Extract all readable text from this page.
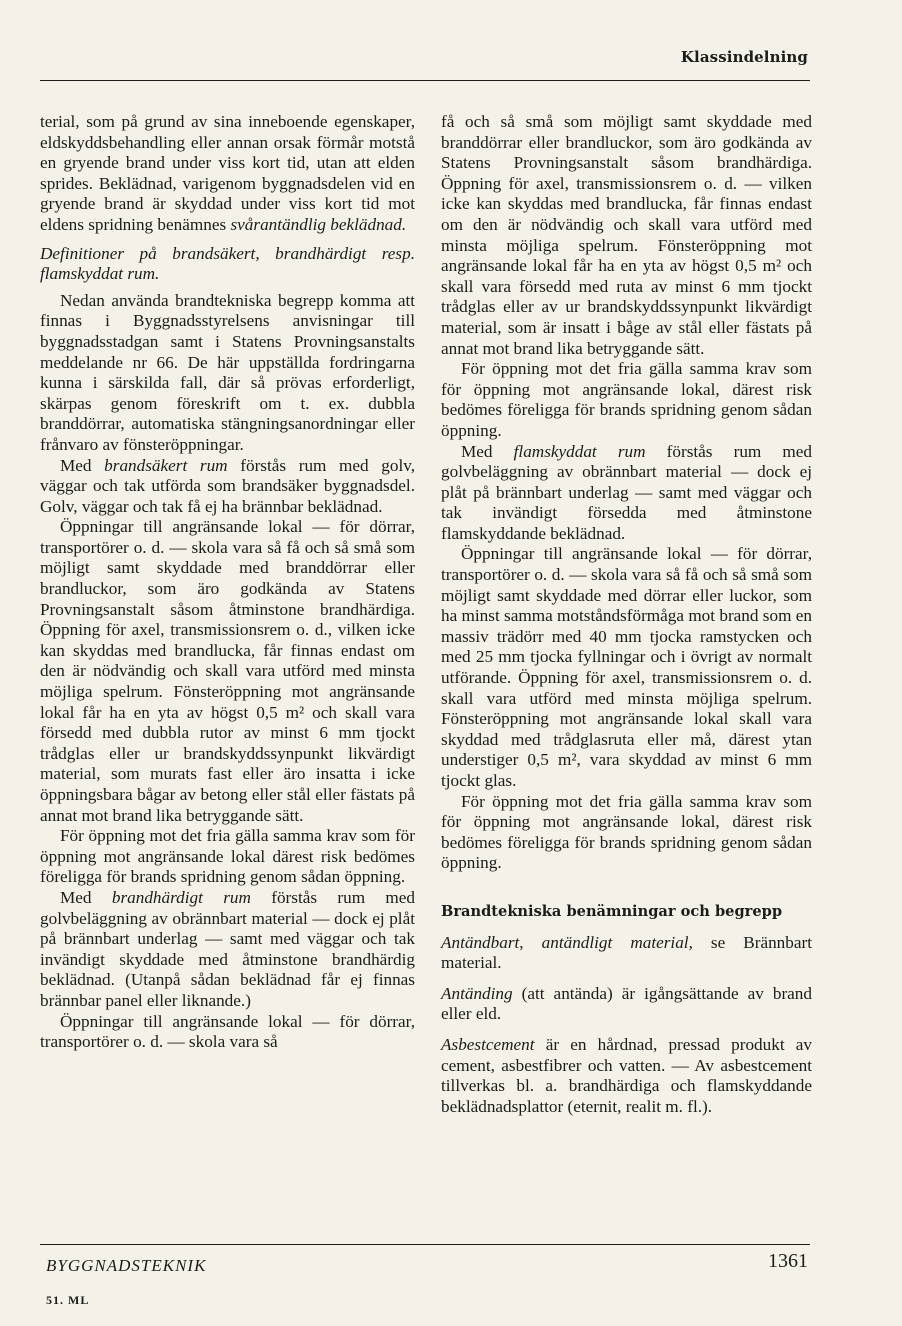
Klassindelning

terial, som på grund av sina inneboende egenskaper, eldskyddsbehandling eller annan orsak förmår motstå en gryende brand under viss kort tid, utan att elden sprides. Beklädnad, varigenom byggnadsdelen vid en gryende brand är skyddad under viss kort tid mot eldens spridning benämnes svårantändlig beklädnad.

Definitioner på brandsäkert, brandhärdigt resp. flamskyddat rum.

Nedan använda brandtekniska begrepp komma att finnas i Byggnadsstyrelsens anvisningar till byggnadsstadgan samt i Statens Provningsanstalts meddelande nr 66. De här uppställda fordringarna kunna i särskilda fall, där så prövas erforderligt, skärpas genom föreskrift om t. ex. dubbla branddörrar, automatiska stängningsanordningar eller frånvaro av fönsteröppningar.

Med brandsäkert rum förstås rum med golv, väggar och tak utförda som brandsäker byggnadsdel. Golv, väggar och tak få ej ha brännbar beklädnad.

Öppningar till angränsande lokal — för dörrar, transportörer o. d. — skola vara så få och så små som möjligt samt skyddade med branddörrar eller brandluckor, som äro godkända av Statens Provningsanstalt såsom åtminstone brandhärdiga. Öppning för axel, transmissionsrem o. d., vilken icke kan skyddas med brandlucka, får finnas endast om den är nödvändig och skall vara utförd med minsta möjliga spelrum. Fönsteröppning mot angränsande lokal får ha en yta av högst 0,5 m² och skall vara försedd med dubbla rutor av minst 6 mm tjockt trådglas eller ur brandskyddssynpunkt likvärdigt material, som murats fast eller äro insatta i icke öppningsbara bågar av betong eller stål eller fästats på annat mot brand lika betryggande sätt.

För öppning mot det fria gälla samma krav som för öppning mot angränsande lokal därest risk bedömes föreligga för brands spridning genom sådan öppning.

Med brandhärdigt rum förstås rum med golvbeläggning av obrännbart material — dock ej plåt på brännbart underlag — samt med väggar och tak invändigt skyddade med åtminstone brandhärdig beklädnad. (Utanpå sådan beklädnad får ej finnas brännbar panel eller liknande.)

Öppningar till angränsande lokal — för dörrar, transportörer o. d. — skola vara så

få och så små som möjligt samt skyddade med branddörrar eller brandluckor, som äro godkända av Statens Provningsanstalt såsom brandhärdiga. Öppning för axel, transmissionsrem o. d. — vilken icke kan skyddas med brandlucka, får finnas endast om den är nödvändig och skall vara utförd med minsta möjliga spelrum. Fönsteröppning mot angränsande lokal får ha en yta av högst 0,5 m² och skall vara försedd med ruta av minst 6 mm tjockt trådglas eller av ur brandskyddssynpunkt likvärdigt material, som är insatt i båge av stål eller fästats på annat mot brand lika betryggande sätt.

För öppning mot det fria gälla samma krav som för öppning mot angränsande lokal, därest risk bedömes föreligga för brands spridning genom sådan öppning.

Med flamskyddat rum förstås rum med golvbeläggning av obrännbart material — dock ej plåt på brännbart underlag — samt med väggar och tak invändigt försedda med åtminstone flamskyddande beklädnad.

Öppningar till angränsande lokal — för dörrar, transportörer o. d. — skola vara så få och så små som möjligt samt skyddade med dörrar eller luckor, som ha minst samma motståndsförmåga mot brand som en massiv trädörr med 40 mm tjocka ramstycken och med 25 mm tjocka fyllningar och i övrigt av normalt utförande. Öppning för axel, transmissionsrem o. d. skall vara utförd med minsta möjliga spelrum. Fönsteröppning mot angränsande lokal skall vara skyddad med trådglasruta eller må, därest ytan understiger 0,5 m², vara skyddad av minst 6 mm tjockt glas.

För öppning mot det fria gälla samma krav som för öppning mot angränsande lokal, därest risk bedömes föreligga för brands spridning genom sådan öppning.

Brandtekniska benämningar och begrepp

Antändbart, antändligt material, se Brännbart material.

Antänding (att antända) är igångsättande av brand eller eld.

Asbestcement är en hårdnad, pressad produkt av cement, asbestfibrer och vatten. — Av asbestcement tillverkas bl. a. brandhärdiga och flamskyddande beklädnadsplattor (eternit, realit m. fl.).

BYGGNADSTEKNIK	1361
51. ML
